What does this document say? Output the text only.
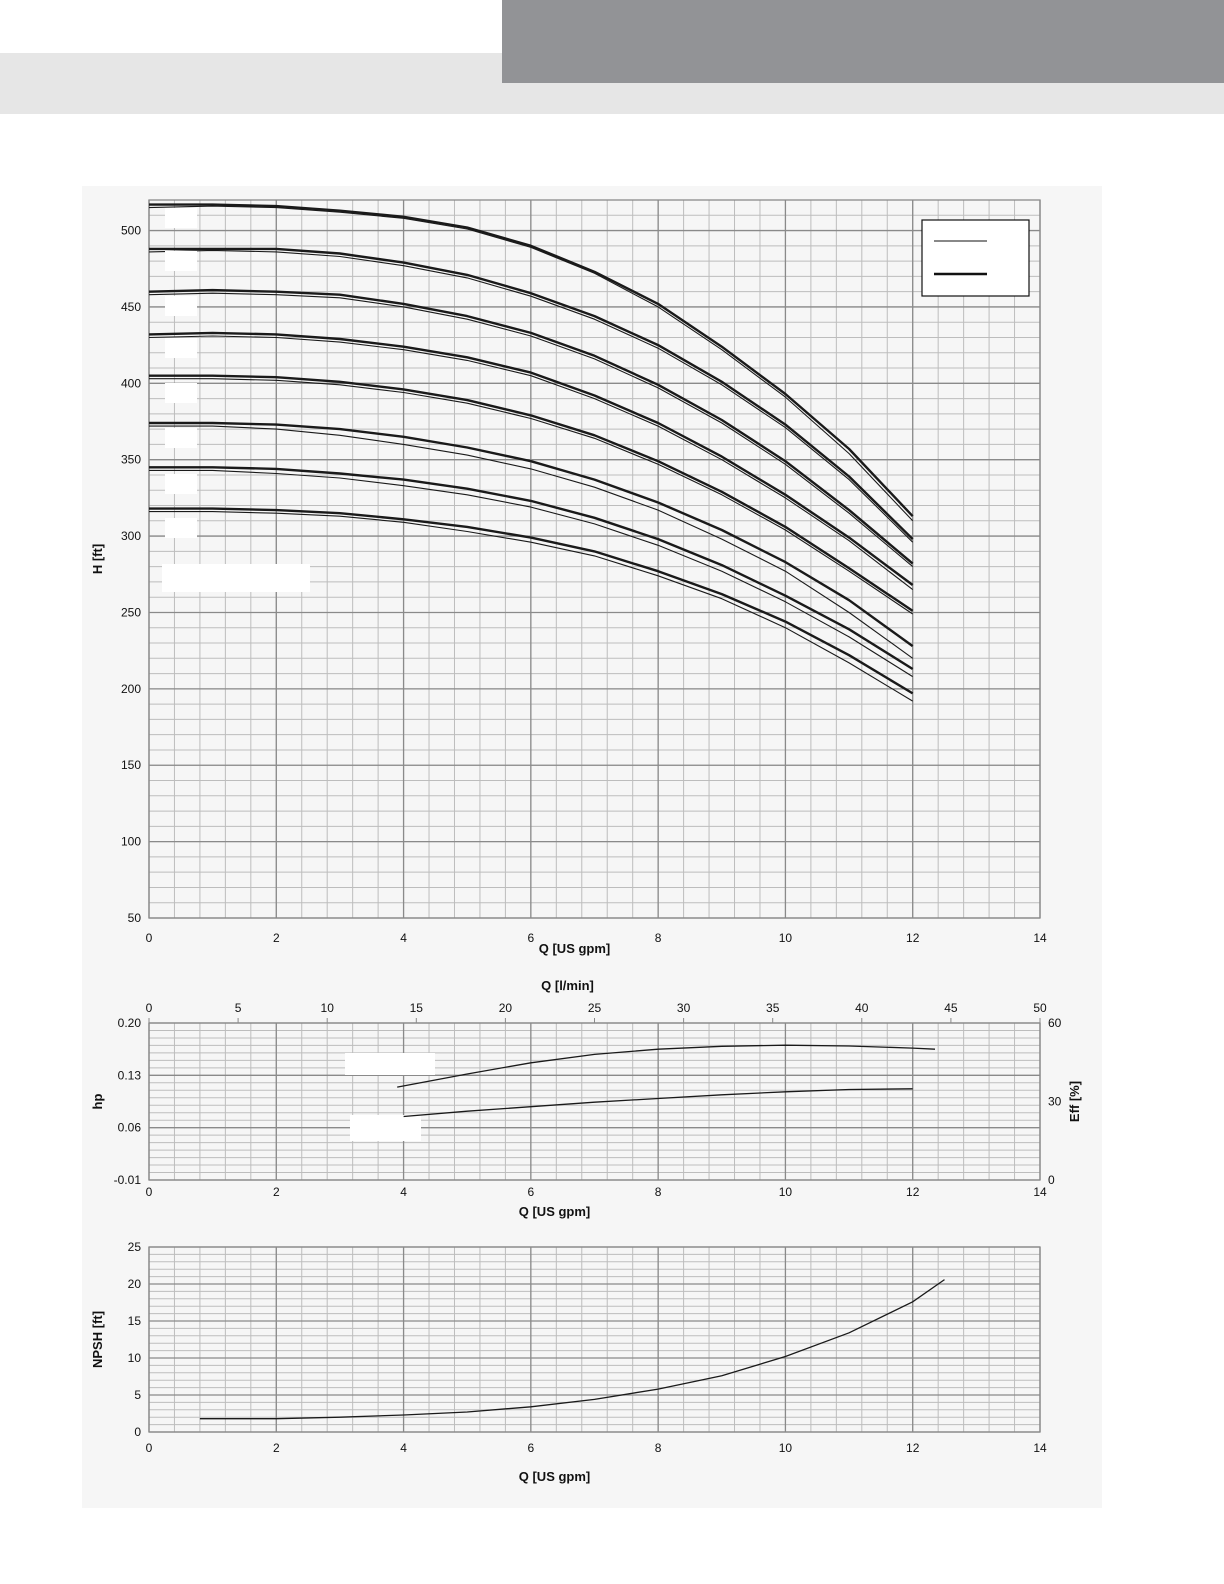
0	2	4	6	8	10	12	14
50
100
150
200
250
300
350
400
450
500
Q [US gpm]
H [ft]
0	2	4	6	8	10	12	14
0	5	10	15	20	25	30	35	40	45	50
0.20
0.13
0.06
-0.01
60
30
0
Q [US gpm]
Q [l/min]
hp	Eff [%]
0	2	4	6	8	10	12	14
0
5
10
15
20
25
Q [US gpm]
NPSH [ft]
